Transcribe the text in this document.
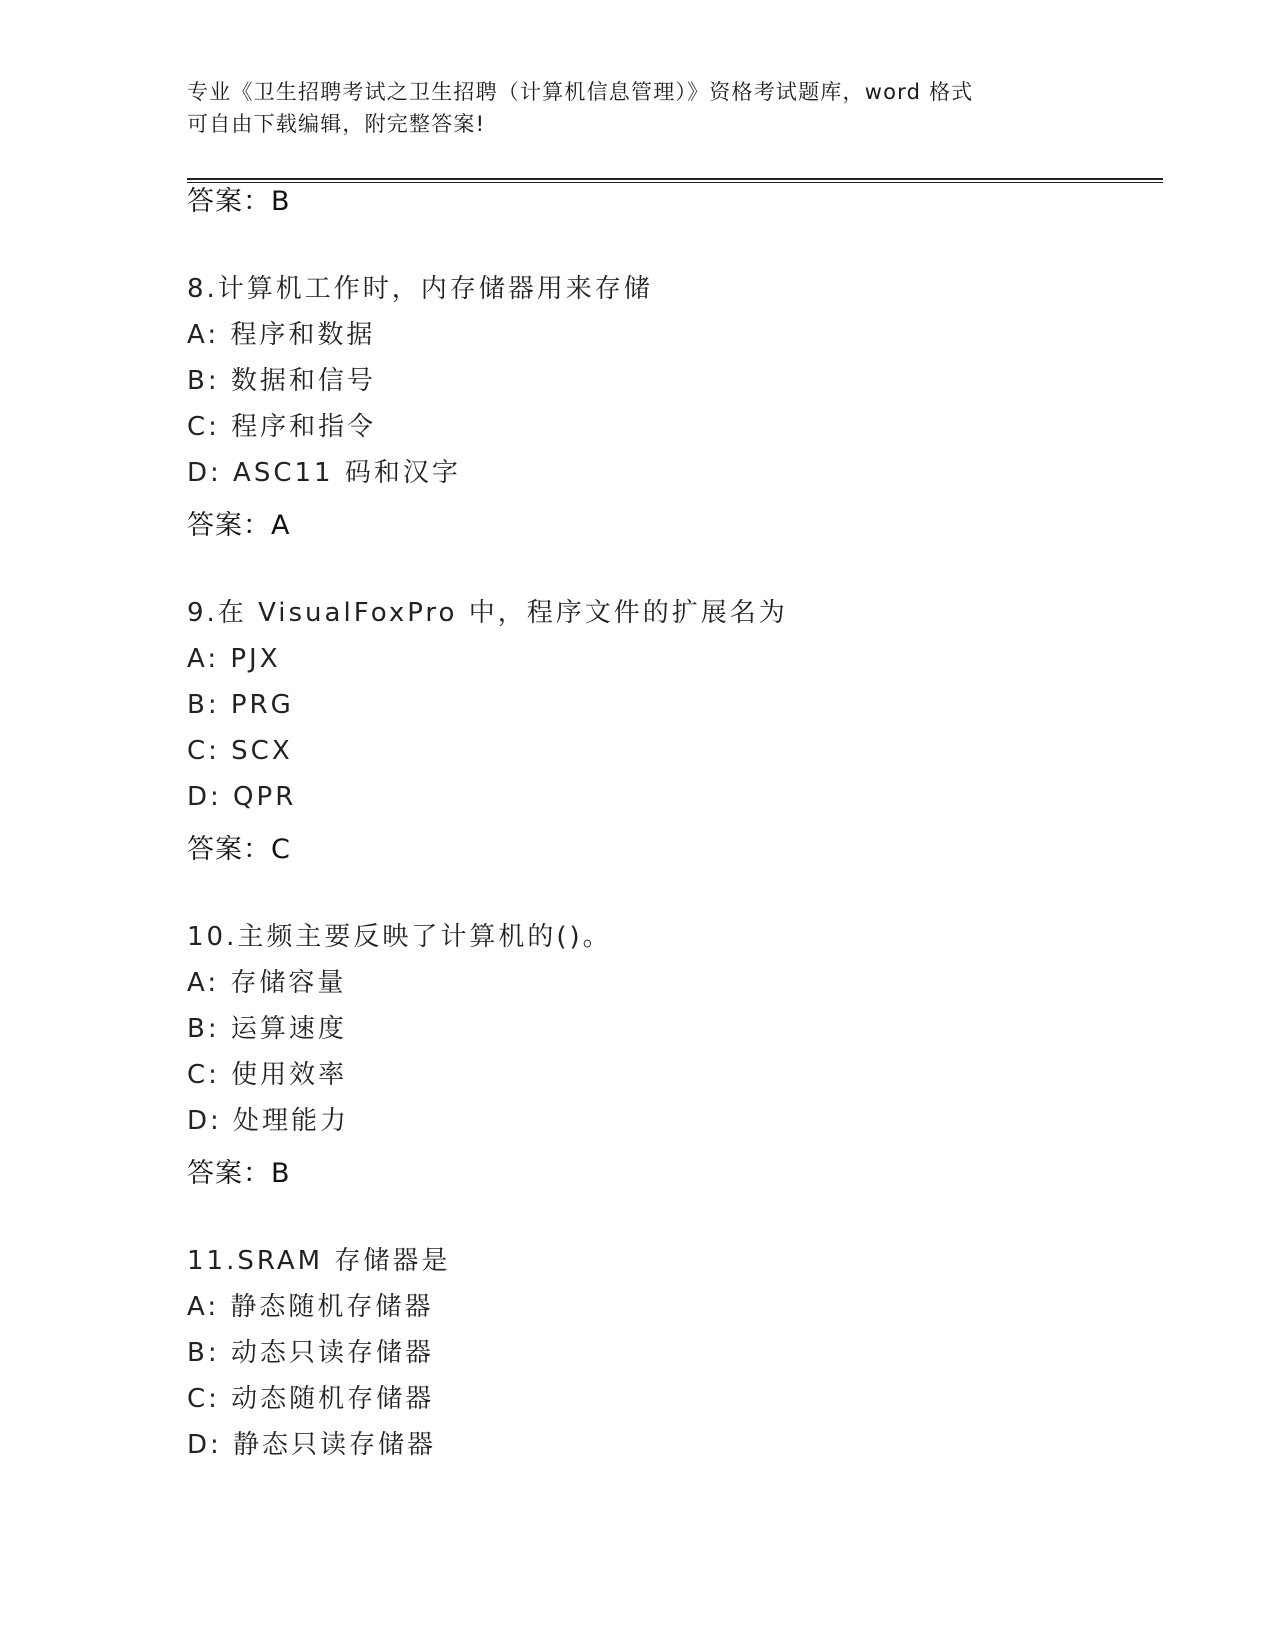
专业《卫生招聘考试之卫生招聘（计算机信息管理）》资格考试题库，word 格式
可自由下载编辑，附完整答案!
答案：B
8.计算机工作时，内存储器用来存储
A: 程序和数据
B: 数据和信号
C: 程序和指令
D: ASC11 码和汉字
答案：A
9.在 VisualFoxPro 中，程序文件的扩展名为
A: PJX
B: PRG
C: SCX
D: QPR
答案：C
10.主频主要反映了计算机的()。
A: 存储容量
B: 运算速度
C: 使用效率
D: 处理能力
答案：B
11.SRAM 存储器是
A: 静态随机存储器
B: 动态只读存储器
C: 动态随机存储器
D: 静态只读存储器
